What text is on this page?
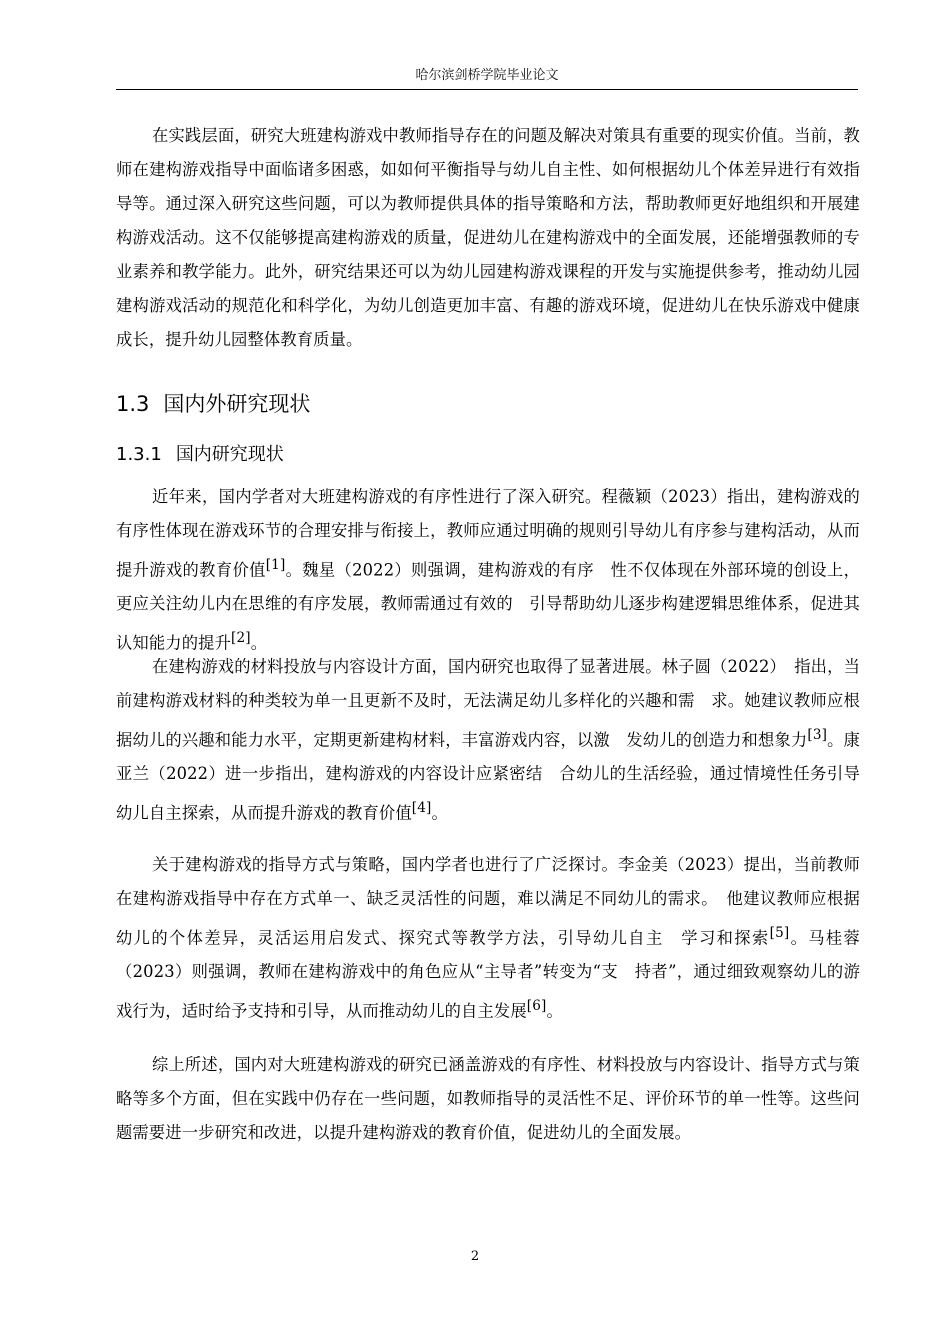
哈尔滨剑桥学院毕业论文

在实践层面，研究大班建构游戏中教师指导存在的问题及解决对策具有重要的现实价值。当前，教师在建构游戏指导中面临诸多困惑，如如何平衡指导与幼儿自主性、如何根据幼儿个体差异进行有效指导等。通过深入研究这些问题，可以为教师提供具体的指导策略和方法，帮助教师更好地组织和开展建构游戏活动。这不仅能够提高建构游戏的质量，促进幼儿在建构游戏中的全面发展，还能增强教师的专业素养和教学能力。此外，研究结果还可以为幼儿园建构游戏课程的开发与实施提供参考，推动幼儿园建构游戏活动的规范化和科学化，为幼儿创造更加丰富、有趣的游戏环境，促进幼儿在快乐游戏中健康成长，提升幼儿园整体教育质量。

1.3 国内外研究现状
1.3.1 国内研究现状

近年来，国内学者对大班建构游戏的有序性进行了深入研究。程薇颖（2023）指出，建构游戏的有序性体现在游戏环节的合理安排与衔接上，教师应通过明确的规则引导幼儿有序参与建构活动，从而提升游戏的教育价值[1]。魏星（2022）则强调，建构游戏的有序　性不仅体现在外部环境的创设上，更应关注幼儿内在思维的有序发展，教师需通过有效的　引导帮助幼儿逐步构建逻辑思维体系，促进其认知能力的提升[2]。

在建构游戏的材料投放与内容设计方面，国内研究也取得了显著进展。林子圆（2022）　指出，当前建构游戏材料的种类较为单一且更新不及时，无法满足幼儿多样化的兴趣和需　求。她建议教师应根据幼儿的兴趣和能力水平，定期更新建构材料，丰富游戏内容，以激　发幼儿的创造力和想象力[3]。康亚兰（2022）进一步指出，建构游戏的内容设计应紧密结　合幼儿的生活经验，通过情境性任务引导幼儿自主探索，从而提升游戏的教育价值[4]。

关于建构游戏的指导方式与策略，国内学者也进行了广泛探讨。李金美（2023）提出，当前教师在建构游戏指导中存在方式单一、缺乏灵活性的问题，难以满足不同幼儿的需求。　他建议教师应根据幼儿的个体差异，灵活运用启发式、探究式等教学方法，引导幼儿自主　学习和探索[5]。马桂蓉（2023）则强调，教师在建构游戏中的角色应从“主导者”转变为“支　持者”，通过细致观察幼儿的游戏行为，适时给予支持和引导，从而推动幼儿的自主发展[6]。

综上所述，国内对大班建构游戏的研究已涵盖游戏的有序性、材料投放与内容设计、指导方式与策略等多个方面，但在实践中仍存在一些问题，如教师指导的灵活性不足、评价环节的单一性等。这些问题需要进一步研究和改进，以提升建构游戏的教育价值，促进幼儿的全面发展。

2
